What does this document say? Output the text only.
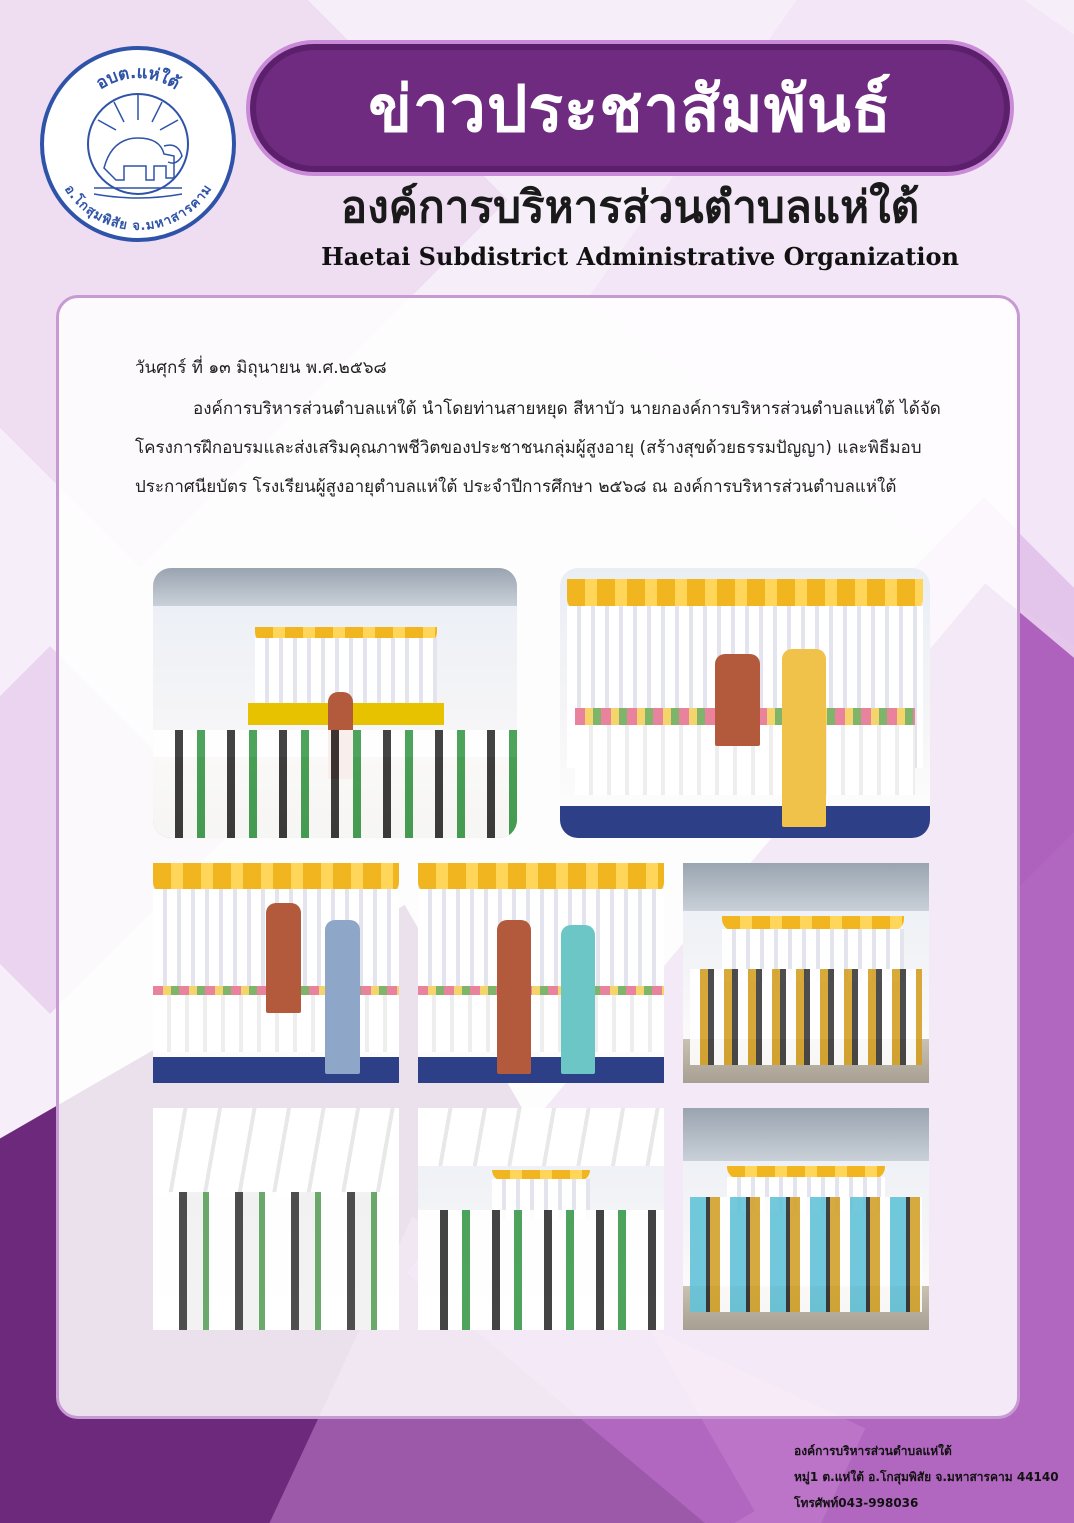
อบต.แห่ใต้
อ.โกสุมพิสัย จ.มหาสารคาม
ข่าวประชาสัมพันธ์
องค์การบริหารส่วนตำบลแห่ใต้
Haetai Subdistrict Administrative Organization
วันศุกร์ ที่ ๑๓ มิถุนายน พ.ศ.๒๕๖๘
องค์การบริหารส่วนตำบลแห่ใต้ นำโดยท่านสายหยุด สีหาบัว นายกองค์การบริหารส่วนตำบลแห่ใต้ ได้จัดโครงการฝึกอบรมและส่งเสริมคุณภาพชีวิตของประชาชนกลุ่มผู้สูงอายุ (สร้างสุขด้วยธรรมปัญญา) และพิธีมอบประกาศนียบัตร โรงเรียนผู้สูงอายุตำบลแห่ใต้ ประจำปีการศึกษา ๒๕๖๘ ณ องค์การบริหารส่วนตำบลแห่ใต้
องค์การบริหารส่วนตำบลแห่ใต้
หมู่1 ต.แห่ใต้ อ.โกสุมพิสัย จ.มหาสารคาม 44140
โทรศัพท์043-998036
